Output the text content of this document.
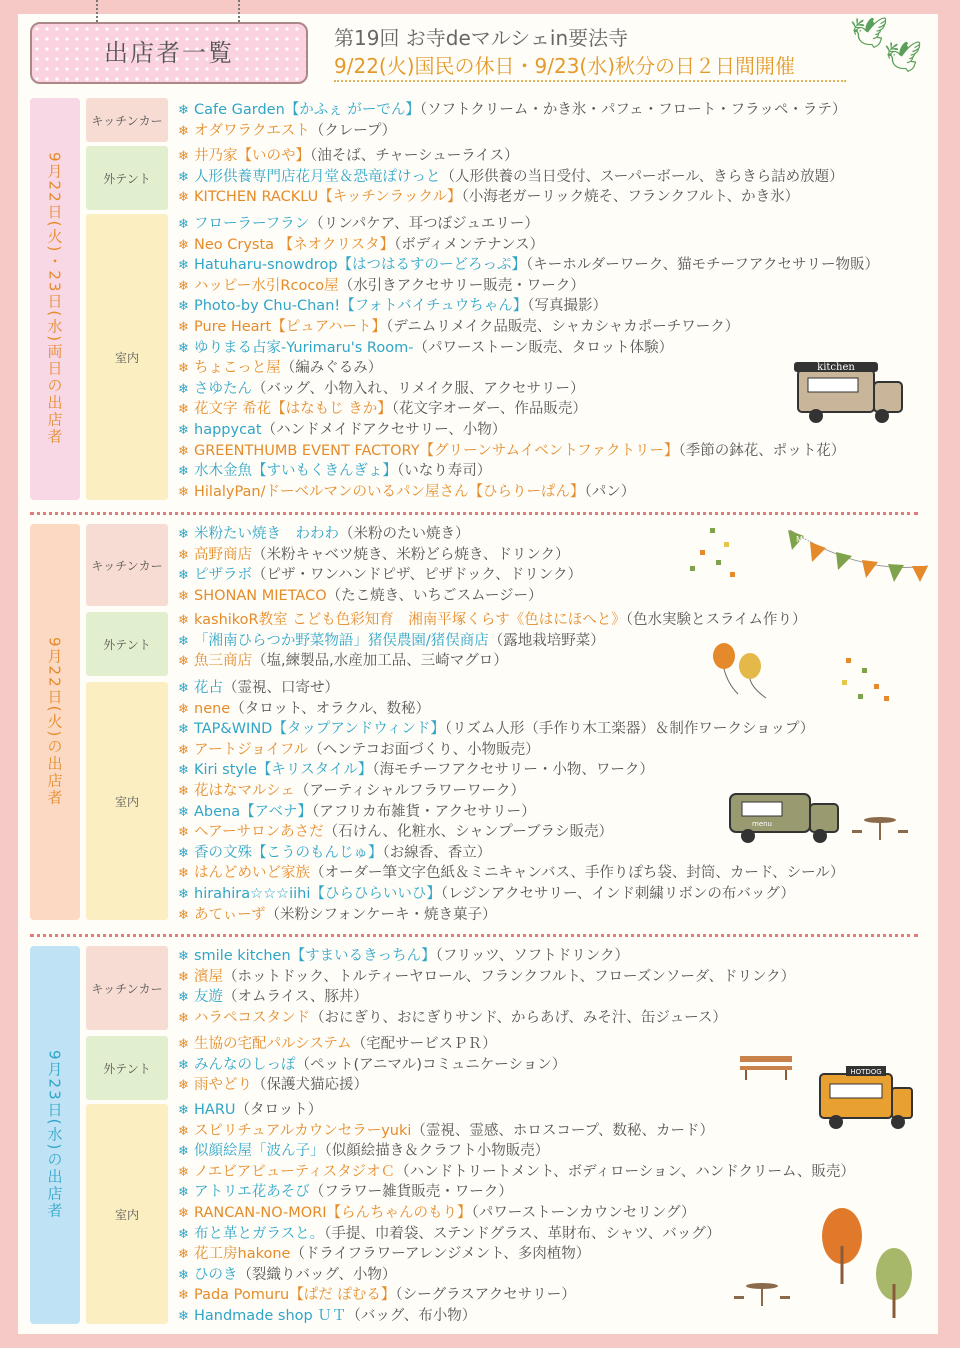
出店者一覧
第19回 お寺deマルシェin要法寺
9/22(火)国民の休日・9/23(水)秋分の日２日間開催
🕊
🕊
9月22日(火)・23日(水)両日の出店者
キッチンカー
外テント
室内
❄ Cafe Garden【かふぇ がーでん】（ソフトクリーム・かき氷・パフェ・フロート・フラッペ・ラテ）
❄ オダワラクエスト（クレープ）
❄ 井乃家【いのや】（油そば、チャーシューライス）
❄ 人形供養専門店花月堂＆恐竜ぽけっと（人形供養の当日受付、スーパーボール、きらきら詰め放題）
❄ KITCHEN RACKLU【キッチンラックル】（小海老ガーリック焼そ、フランクフルト、かき氷）
❄ フローラーフラン（リンパケア、耳つぼジュエリー）
❄ Neo Crysta 【ネオクリスタ】（ボディメンテナンス）
❄ Hatuharu-snowdrop【はつはるすのーどろっぷ】（キーホルダーワーク、猫モチーフアクセサリー物販）
❄ ハッピー水引Rcoco屋（水引きアクセサリー販売・ワーク）
❄ Photo-by Chu-Chan!【フォトバイチュウちゃん】（写真撮影）
❄ Pure Heart【ピュアハート】（デニムリメイク品販売、シャカシャカポーチワーク）
❄ ゆりまる占家-Yurimaru's Room-（パワーストーン販売、タロット体験）
❄ ちょこっと屋（編みぐるみ）
❄ さゆたん（バッグ、小物入れ、リメイク服、アクセサリー）
❄ 花文字 希花【はなもじ きか】（花文字オーダー、作品販売）
❄ happycat（ハンドメイドアクセサリー、小物）
❄ GREENTHUMB EVENT FACTORY【グリーンサムイベントファクトリー】（季節の鉢花、ポット花）
❄ 水木金魚【すいもくきんぎょ】（いなり寿司）
❄ HilalyPan/ドーベルマンのいるパン屋さん【ひらりーぱん】（パン）
9月22日(火)の出店者
キッチンカー
外テント
室内
❄ 米粉たい焼き　わわわ（米粉のたい焼き）
❄ 高野商店（米粉キャベツ焼き、米粉どら焼き、ドリンク）
❄ ピザラボ（ピザ・ワンハンドピザ、ピザドック、ドリンク）
❄ SHONAN MIETACO（たこ焼き、いちごスムージー）
❄ kashikoR教室 こども色彩知育　湘南平塚くらす《色はにほへと》（色水実験とスライム作り）
❄ 「湘南ひらつか野菜物語」猪俣農園/猪俣商店（露地栽培野菜）
❄ 魚三商店（塩,練製品,水産加工品、三崎マグロ）
❄ 花占（霊視、口寄せ）
❄ nene（タロット、オラクル、数秘）
❄ TAP&WIND【タップアンドウィンド】（リズム人形（手作り木工楽器）＆制作ワークショップ）
❄ アートジョイフル（ヘンテコお面づくり、小物販売）
❄ Kiri style【キリスタイル】（海モチーフアクセサリー・小物、ワーク）
❄ 花はなマルシェ（アーティシャルフラワーワーク）
❄ Abena【アベナ】（アフリカ布雑貨・アクセサリー）
❄ ヘアーサロンあさだ（石けん、化粧水、シャンプーブラシ販売）
❄ 香の文殊【こうのもんじゅ】（お線香、香立）
❄ はんどめいど家族（オーダー筆文字色紙＆ミニキャンバス、手作りぽち袋、封筒、カード、シール）
❄ hirahira☆☆☆iihi【ひらひらいいひ】（レジンアクセサリー、インド刺繍リボンの布バッグ）
❄ あてぃーず（米粉シフォンケーキ・焼き菓子）
9月23日(水)の出店者
キッチンカー
外テント
室内
❄ smile kitchen【すまいるきっちん】（フリッツ、ソフトドリンク）
❄ 濱屋（ホットドック、トルティーヤロール、フランクフルト、フローズンソーダ、ドリンク）
❄ 友遊（オムライス、豚丼）
❄ ハラペコスタンド（おにぎり、おにぎりサンド、からあげ、みそ汁、缶ジュース）
❄ 生協の宅配パルシステム（宅配サービスＰＲ）
❄ みんなのしっぽ（ペット(アニマル)コミュニケーション）
❄ 雨やどり（保護犬猫応援）
❄ HARU（タロット）
❄ スピリチュアルカウンセラーyuki（霊視、霊感、ホロスコープ、数秘、カード）
❄ 似顔絵屋「波ん子」（似顔絵描き＆クラフト小物販売）
❄ ノエビアビューティスタジオＣ（ハンドトリートメント、ボディローション、ハンドクリーム、販売）
❄ アトリエ花あそび（フラワー雑貨販売・ワーク）
❄ RANCAN-NO-MORI【らんちゃんのもり】（パワーストーンカウンセリング）
❄ 布と革とガラスと。（手提、巾着袋、ステンドグラス、革財布、シャツ、バッグ）
❄ 花工房hakone（ドライフラワーアレンジメント、多肉植物）
❄ ひのき（裂織りバッグ、小物）
❄ Pada Pomuru【ぱだ ぽむる】（シーグラスアクセサリー）
❄ Handmade shop ＵＴ（バッグ、布小物）
kitchen
MARCHE
menu
HOTDOG
